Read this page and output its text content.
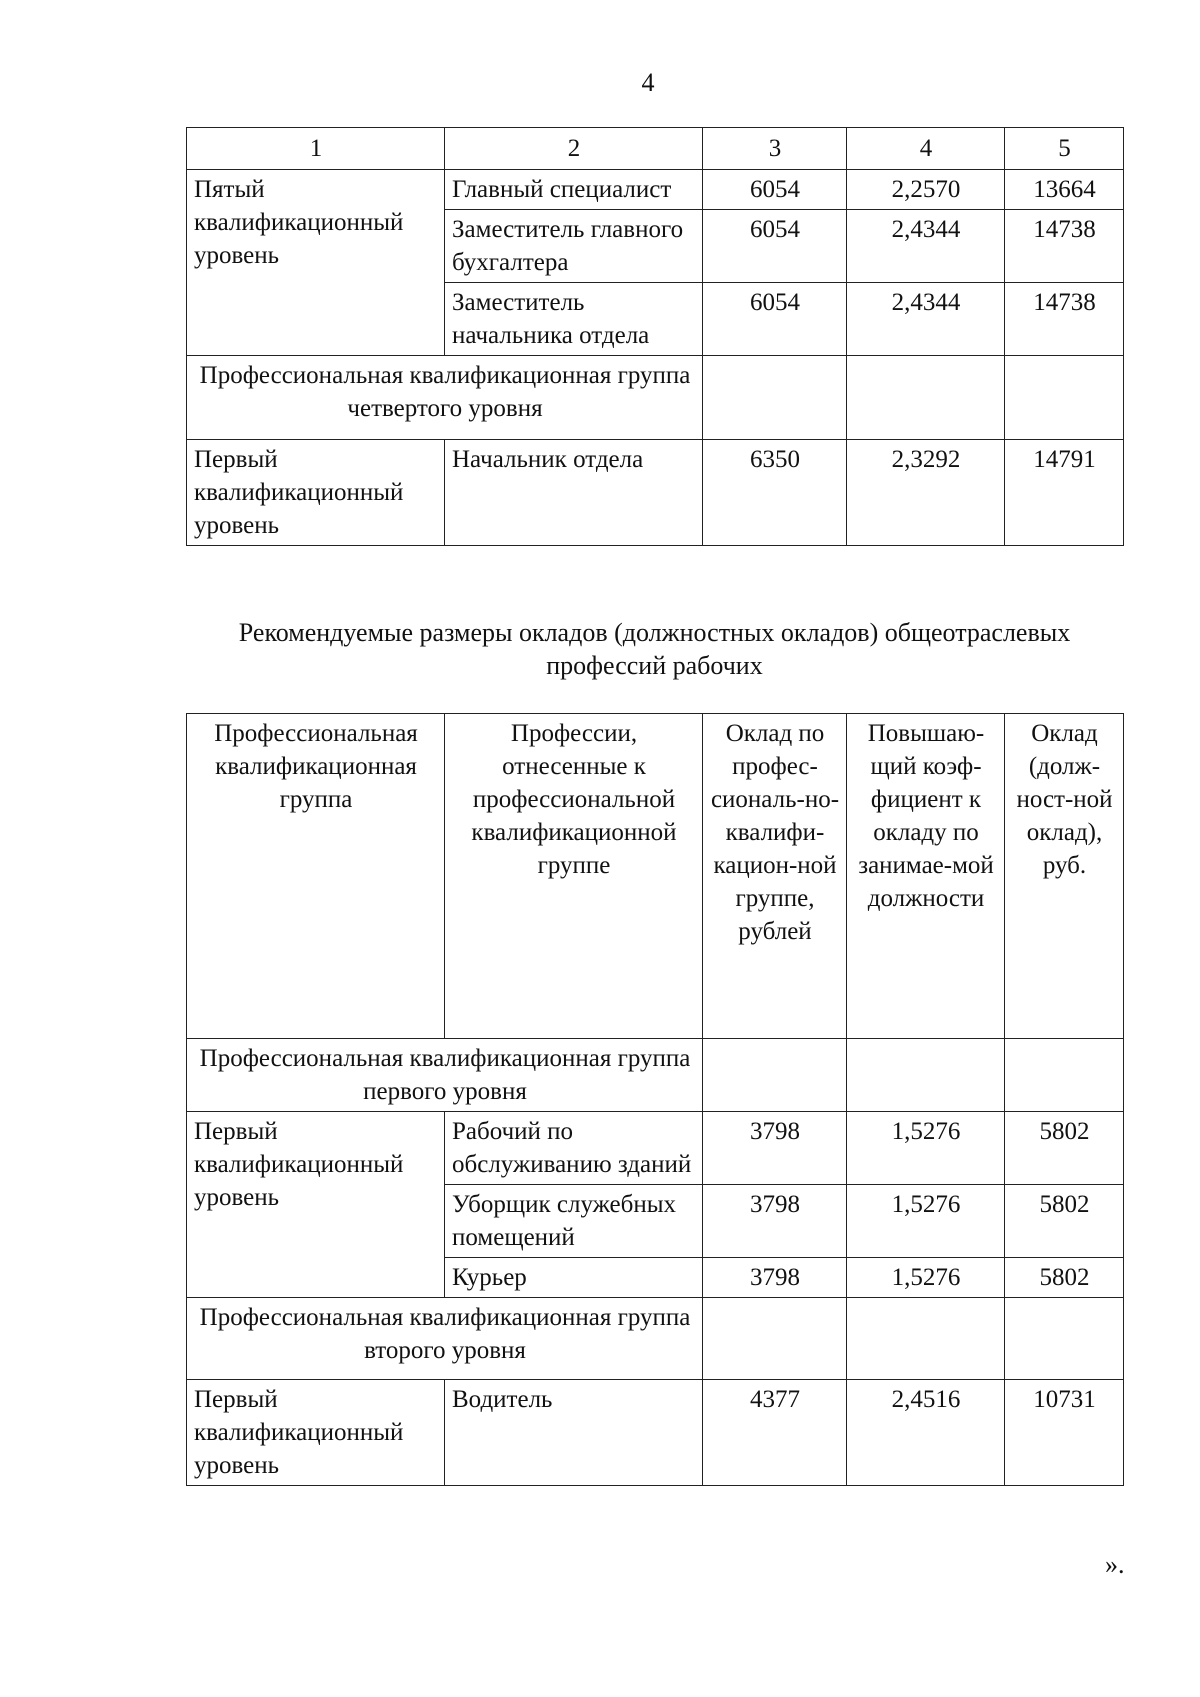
4
1	2	3	4	5
Пятый квалификационный уровень	Главный специалист	6054	2,2570	13664
	Заместитель главного бухгалтера	6054	2,4344	14738
	Заместитель начальника отдела	6054	2,4344	14738
Профессиональная квалификационная группа четвертого уровня				
Первый квалификационный уровень	Начальник отдела	6350	2,3292	14791
Рекомендуемые размеры окладов (должностных окладов) общеотраслевых профессий рабочих
Профессиональная квалификационная группа	Профессии, отнесенные к профессиональной квалификационной группе	Оклад по профес-сиональ-но-квалифи-кацион-ной группе, рублей	Повышаю-щий коэф-фициент к окладу по занимае-мой должности	Оклад (долж-ност-ной оклад), руб.
Профессиональная квалификационная группа первого уровня				
Первый квалификационный уровень	Рабочий по обслуживанию зданий	3798	1,5276	5802
	Уборщик служебных помещений	3798	1,5276	5802
	Курьер	3798	1,5276	5802
Профессиональная квалификационная группа второго уровня				
Первый квалификационный уровень	Водитель	4377	2,4516	10731
».
